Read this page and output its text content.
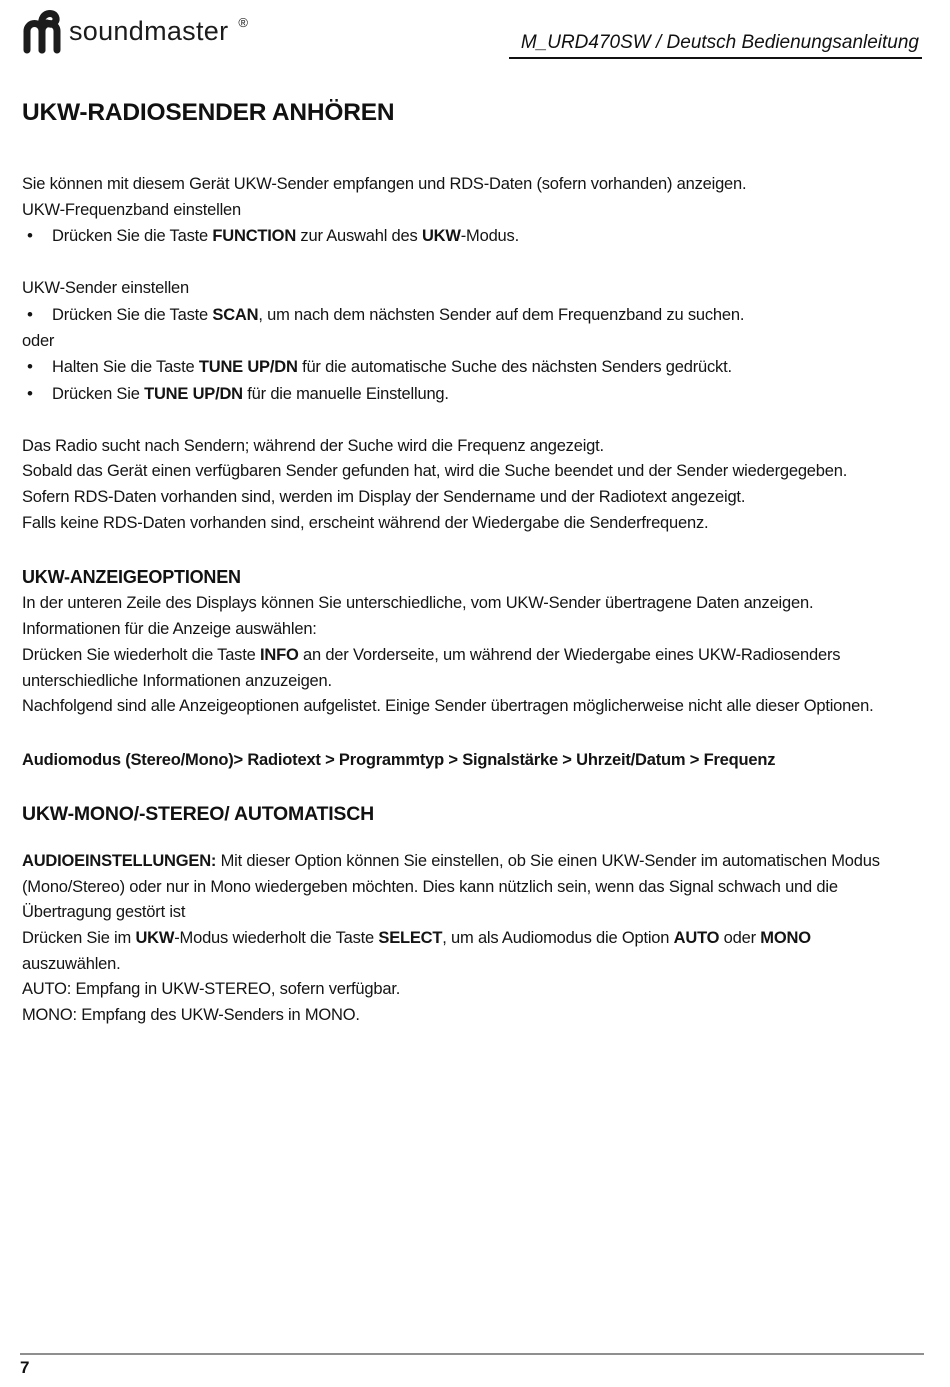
soundmaster ®
M_URD470SW / Deutsch Bedienungsanleitung
UKW-RADIOSENDER ANHÖREN
Sie können mit diesem Gerät UKW-Sender empfangen und RDS-Daten (sofern vorhanden) anzeigen.
UKW-Frequenzband einstellen
• Drücken Sie die Taste FUNCTION zur Auswahl des UKW-Modus.
UKW-Sender einstellen
• Drücken Sie die Taste SCAN, um nach dem nächsten Sender auf dem Frequenzband zu suchen.
oder
• Halten Sie die Taste TUNE UP/DN für die automatische Suche des nächsten Senders gedrückt.
• Drücken Sie TUNE UP/DN für die manuelle Einstellung.
Das Radio sucht nach Sendern; während der Suche wird die Frequenz angezeigt.
Sobald das Gerät einen verfügbaren Sender gefunden hat, wird die Suche beendet und der Sender wiedergegeben.
Sofern RDS-Daten vorhanden sind, werden im Display der Sendername und der Radiotext angezeigt.
Falls keine RDS-Daten vorhanden sind, erscheint während der Wiedergabe die Senderfrequenz.
UKW-ANZEIGEOPTIONEN
In der unteren Zeile des Displays können Sie unterschiedliche, vom UKW-Sender übertragene Daten anzeigen.
Informationen für die Anzeige auswählen:
Drücken Sie wiederholt die Taste INFO an der Vorderseite, um während der Wiedergabe eines UKW-Radiosenders
unterschiedliche Informationen anzuzeigen.
Nachfolgend sind alle Anzeigeoptionen aufgelistet. Einige Sender übertragen möglicherweise nicht alle dieser Optionen.
Audiomodus (Stereo/Mono)> Radiotext > Programmtyp > Signalstärke > Uhrzeit/Datum > Frequenz
UKW-MONO/-STEREO/ AUTOMATISCH
AUDIOEINSTELLUNGEN: Mit dieser Option können Sie einstellen, ob Sie einen UKW-Sender im automatischen Modus
(Mono/Stereo) oder nur in Mono wiedergeben möchten. Dies kann nützlich sein, wenn das Signal schwach und die
Übertragung gestört ist
Drücken Sie im UKW-Modus wiederholt die Taste SELECT, um als Audiomodus die Option AUTO oder MONO
auszuwählen.
AUTO: Empfang in UKW-STEREO, sofern verfügbar.
MONO: Empfang des UKW-Senders in MONO.
7
